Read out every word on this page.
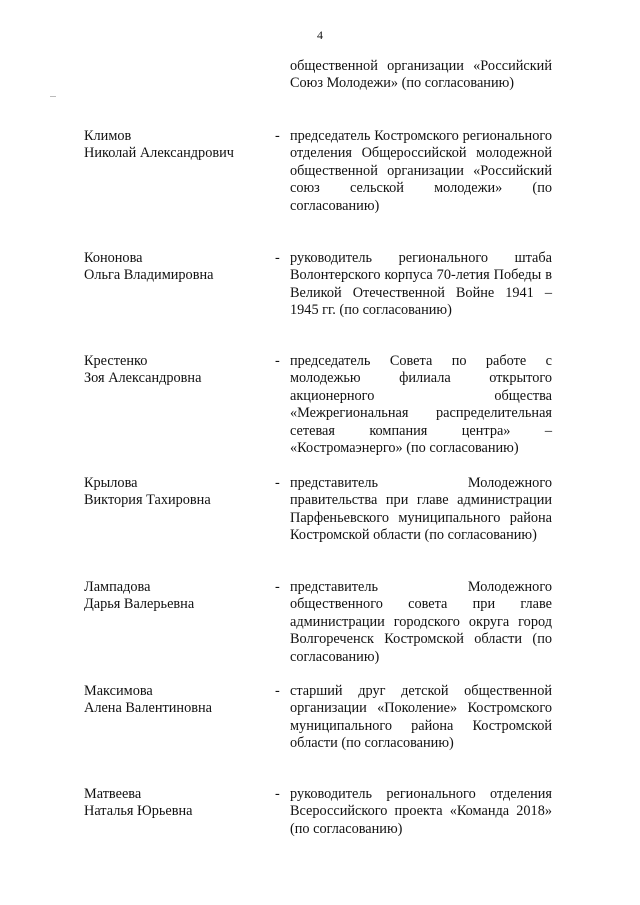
4
общественной организации «Российский Союз Молодежи» (по согласованию)
Климов
Николай Александрович
- председатель Костромского регионального отделения Общероссийской молодежной общественной организации «Российский союз сельской молодежи» (по согласованию)
Кононова
Ольга Владимировна
- руководитель регионального штаба Волонтерского корпуса 70-летия Победы в Великой Отечественной Войне 1941 – 1945 гг. (по согласованию)
Крестенко
Зоя Александровна
- председатель Совета по работе с молодежью филиала открытого акционерного общества «Межрегиональная распределительная сетевая компания центра» – «Костромаэнерго» (по согласованию)
Крылова
Виктория Тахировна
- представитель Молодежного правительства при главе администрации Парфеньевского муниципального района Костромской области (по согласованию)
Лампадова
Дарья Валерьевна
- представитель Молодежного общественного совета при главе администрации городского округа город Волгореченск Костромской области (по согласованию)
Максимова
Алена Валентиновна
- старший друг детской общественной организации «Поколение» Костромского муниципального района Костромской области (по согласованию)
Матвеева
Наталья Юрьевна
- руководитель регионального отделения Всероссийского проекта «Команда 2018» (по согласованию)
